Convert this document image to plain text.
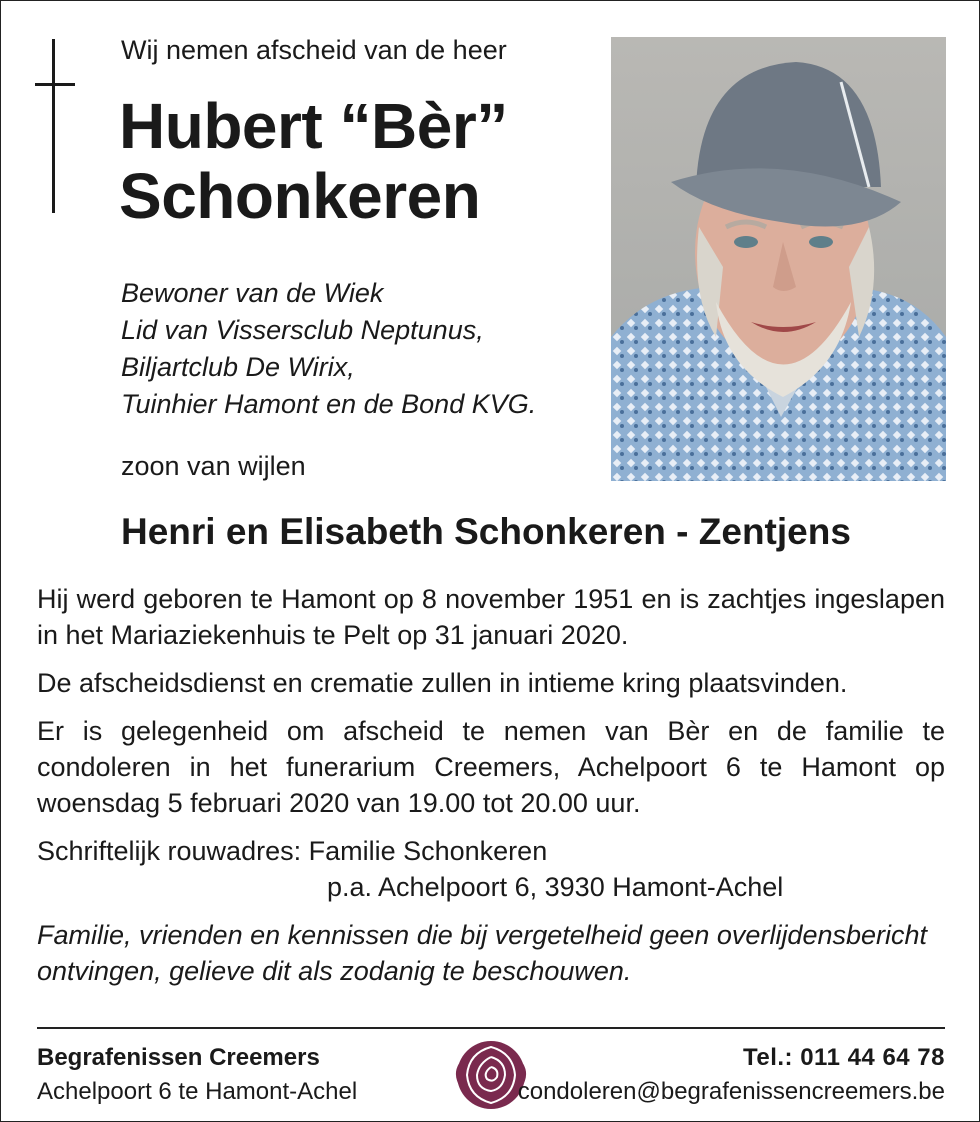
Wij nemen afscheid van de heer
Hubert “Bèr”
Schonkeren
Bewoner van de Wiek
Lid van Vissersclub Neptunus,
Biljartclub De Wirix,
Tuinhier Hamont en de Bond KVG.
zoon van wijlen
Henri en Elisabeth Schonkeren - Zentjens

Hij werd geboren te Hamont op 8 november 1951 en is zachtjes ingeslapen in het Mariaziekenhuis te Pelt op 31 januari 2020.

De afscheidsdienst en crematie zullen in intieme kring plaatsvinden.

Er is gelegenheid om afscheid te nemen van Bèr en de familie te condoleren in het funerarium Creemers, Achelpoort 6 te Hamont op woensdag 5 februari 2020 van 19.00 tot 20.00 uur.

Schriftelijk rouwadres: Familie Schonkeren
p.a. Achelpoort 6, 3930 Hamont-Achel

Familie, vrienden en kennissen die bij vergetelheid geen overlijdensbericht ontvingen, gelieve dit als zodanig te beschouwen.

Begrafenissen Creemers
Achelpoort 6 te Hamont-Achel
Tel.: 011 44 64 78
condoleren@begrafenissencreemers.be
